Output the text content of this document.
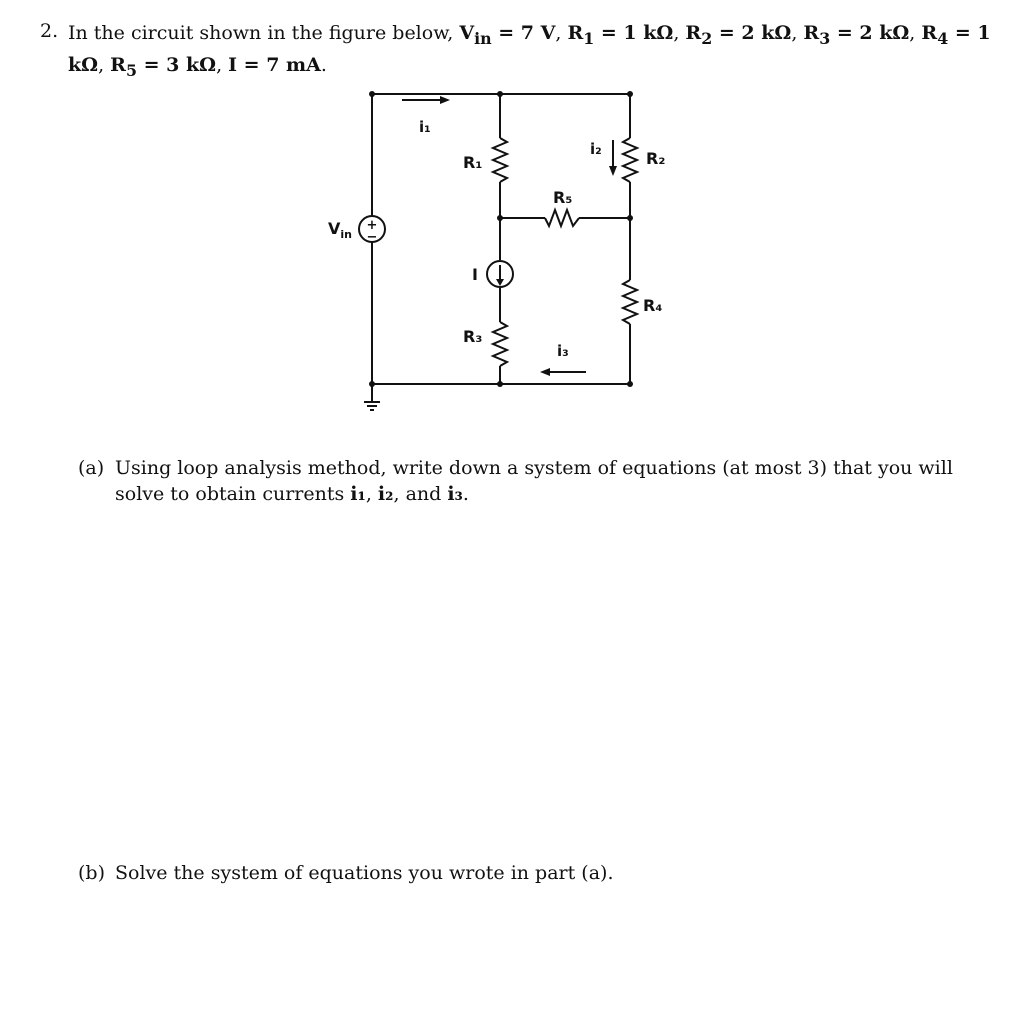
2. In the circuit shown in the figure below, $V_{in} = 7$ V, $R_1 = 1$ kΩ, $R_2 = 2$ kΩ, $R_3 = 2$ kΩ, $R_4 = 1$ kΩ, $R_5 = 3$ kΩ, I = 7 mA.
+
−
i₁
i₂
i₃
R₁	R₂
R₃
R₄
R₅
$V_{in}$
I
(a) Using loop analysis method, write down a system of equations (at most 3) that you will solve to obtain currents i₁, i₂, and i₃.
(b) Solve the system of equations you wrote in part (a).
